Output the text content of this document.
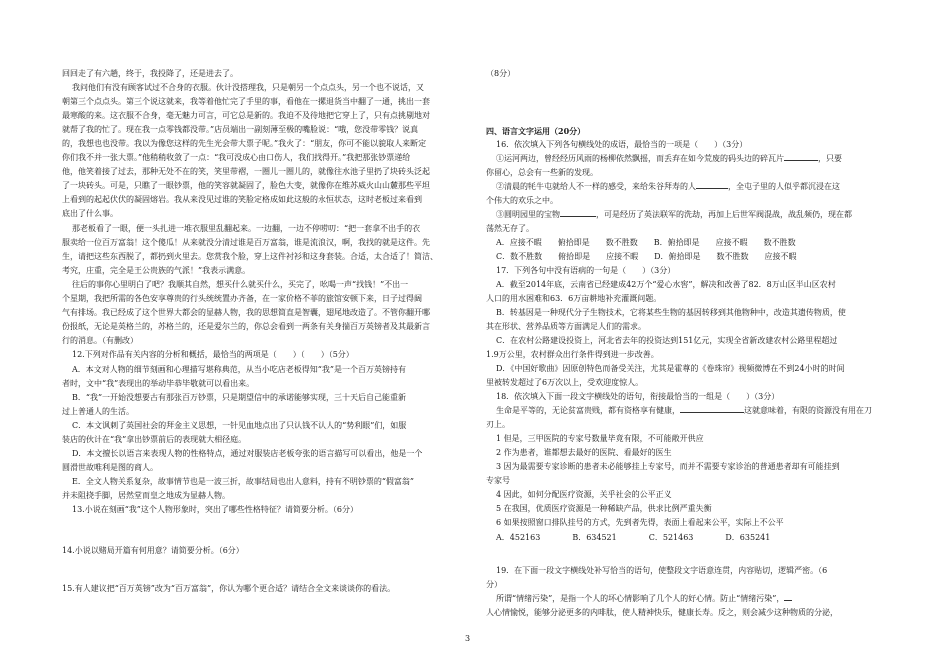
回回走了有六趟，终于，我投降了，还是进去了。
我问他们有没有顾客试过不合身的衣服。伙计没搭理我，只是朝另一个点点头，另一个也不说话，又
朝第三个点点头。第三个说这就来，我等着他忙完了手里的事，看他在一摞退货当中翻了一通，挑出一套
最寒酸的来。这衣服不合身，毫无魅力可言，可它总是新的。我迫不及待地把它穿上了，只有点挑剔地对
就帮了我的忙了。现在我一点零钱都没带。”店员端出一副刻薄至极的嘴脸说：“哦，您没带零钱？说真
的，我想也也没带。我以为像您这样的先生光会带大票子呢。”我火了：“朋友，你可不能以貌取人来断定
你们我不并一张大票。”他稍稍收敛了一点：“我可没成心由口伤人，我们找得开。”我把那张钞票递给
他，他笑着接了过去，那种无处不在的笑，笑里带褶，一圈儿一圈儿的，就像往水池子里扔了块砖头泛起
了一块砖头。可是，只瞧了一眼钞票，他的笑容就凝固了，脸色大变，就像你在维苏威火山山麓那些平坦
上看到的起起伏伏的凝固熔岩。我从来没见过谁的笑脸定格成如此这般的永恒状态，这时老板过来看到
底出了什么事。
那老板看了一眼，便一头扎进一堆衣服里乱翻起来。一边翻，一边不停唠叨：“把一套拿不出手的衣
服卖给一位百万富翁！这个傻瓜！从来就没分清过谁是百万富翁，谁是流浪汉，啊，我找的就是这件。先
生，请把这些东西脱了，都扔到火里去。您赏我个脸，穿上这件衬衫和这身套装。合适，太合适了！简洁、
考究，庄重，完全是王公贵族的气派！”我表示满意。
往后的事你心里明白了吧？我顺其自然，想买什么就买什么，买完了，吆喝一声“找钱！”不出一
个星期，我把所需的各色安享尊贵的行头统统置办齐备，在一家价格不菲的旅馆安顿下来，日子过得阔
气有排场。我已经成了这个世界大都会的显赫人物，我的思想简直是智囊，翅尾地改造了。不管你翻开哪
份报纸，无论是英格兰的，苏格兰的，还是爱尔兰的，你总会看到一两条有关身揣百万英镑者及其最新言
行的消息。（有删改）
12.下列对作品有关内容的分析和概括，最恰当的两项是（　　）（　　）（5分）
A．本文对人物的细节刻画和心理描写堪称典范，从当小吃店老板得知“我”是一个百万英镑持有
者时，文中“我”表现出的举动毕恭毕敬就可以看出来。
B．“我”一开始没想要古有那张百万钞票，只是期望信中的承诺能够实现，三十天后自己能重新
过上普通人的生活。
C．本文讽刺了英国社会的拜金主义思想，一针见血地点出了只认钱不认人的“势利眼”们，如服
装店的伙计在“我”拿出钞票前后的表现就大相径庭。
D．本文擅长以语言来表现人物的性格特点，通过对服装店老板夸张的语言描写可以看出，他是一个
圆滑世故唯利是图的商人。
E．全文人物关系复杂，故事情节也是一波三折，故事结局也出人意料，持有不明钞票的“假富翁”
并未阻挠手脚，居然堂而皇之地成为显赫人物。
13.小说在刻画“我”这个人物形象时，突出了哪些性格特征？请简要分析。（6分）
14.小说以赌局开篇有何用意？请简要分析。（6分）
15.有人建议把“百万英镑”改为“百万富翁”，你认为哪个更合适？请结合全文来谈谈你的看法。
（8分）
四、语言文字运用（20分）
16．依次填入下列各句横线处的成语，最恰当的一项是（　　）（3分）
①运河两边，曾经经历风雨的杨柳依然飘摇，而丢弃在如今荒废的码头边的碎瓦片	，只要
你留心，总会有一些新的发现。
②清晨的牦牛屯就给人不一样的感受，来给朱谷拜寿的人	，全屯子里的人似乎都沉浸在这
个伟大的欢乐之中。
③圆明园里的宝物	，可是经历了英法联军的洗劫，再加上后世军阀混战，战乱频仍，现在都
荡然无存了。
A．应接不暇　　俯拾即是　　数不胜数　　B．俯拾即是　　应接不暇　　数不胜数
C．数不胜数　　俯拾即是　　应接不暇　　D．俯拾即是　　数不胜数　　应接不暇
17．下列各句中没有语病的一句是（　　）（3分）
A．截至2014年底，云南省已经建成42万个“爱心水窖”，解决和改善了82．8万山区半山区农村
人口的用水困难和63．6万亩耕地补充灌溉问题。
B．转基因是一种现代分子生物技术，它将某些生物的基因转移到其他物种中，改造其遗传物质，使
其在形状、营养品质等方面满足人们的需求。
C．在农村公路建设投资上，河北省去年的投资达到151亿元，实现全省新改建农村公路里程超过
1.9万公里，农村群众出行条件得到进一步改善。
D．《中国好歌曲》因原创特色而备受关注，尤其是霍尊的《卷珠帘》视频微博在不到24小时的时间
里被转发超过了6万次以上，受欢迎度惊人。
18．依次填入下面一段文字横线处的语句，衔接最恰当的一组是（　　）（3分）
生命是平等的，无论贫富贵贱，都有资格享有健康，	这就意味着，有限的资源没有用在刀
刃上。
1 但是，三甲医院的专家号数量毕竟有限，不可能敞开供应
2 作为患者，谁都想去最好的医院、看最好的医生
3 因为最需要专家诊断的患者未必能够挂上专家号，而并不需要专家诊治的普通患者却有可能挂到
专家号
4 因此，如何分配医疗资源，关乎社会的公平正义
5 在我国，优质医疗资源是一种稀缺产品，供求比例严重失衡
6 如果按照窗口排队挂号的方式，先到者先得，表面上看起来公平，实际上不公平
A．452163　　　　B．634521　　　　C．521463　　　　D．635241
19．在下面一段文字横线处补写恰当的语句，使整段文字语意连贯，内容贴切，逻辑严密。（6
分）
所谓“情绪污染”，是指一个人的坏心情影响了几个人的好心情。防止“情绪污染”，
人心情愉悦，能够分泌更多的内啡肽，使人精神快乐，健康长寿。反之，则会减少这种物质的分泌，
3
